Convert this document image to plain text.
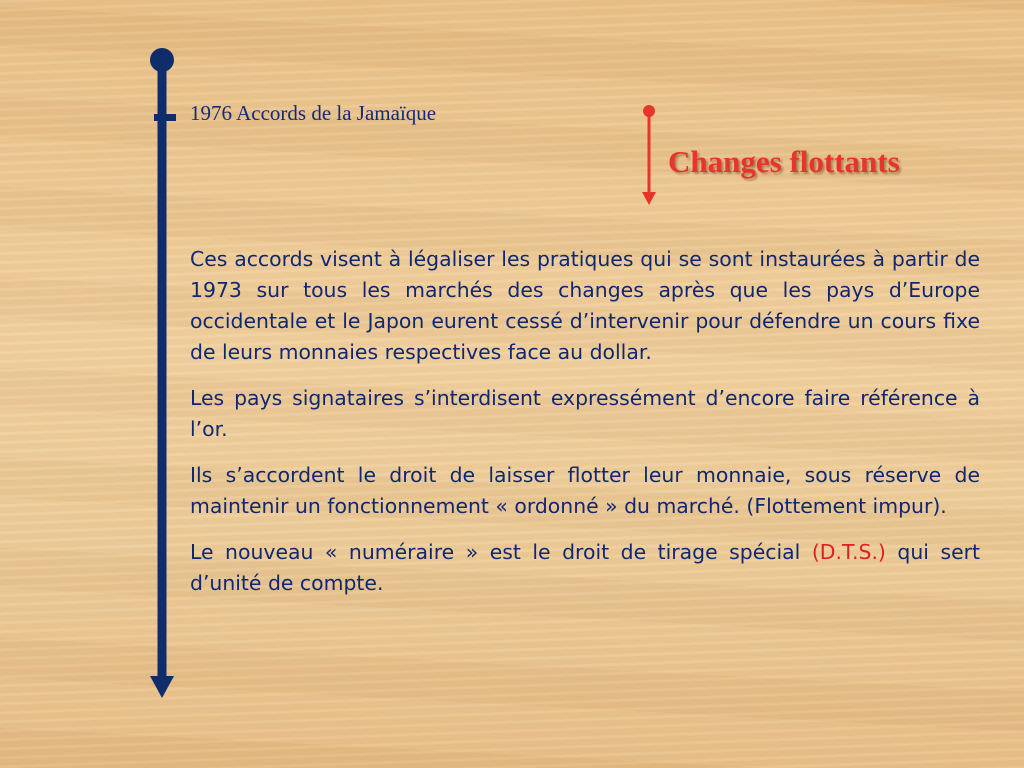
1976 Accords de la Jamaïque
Changes flottants

Ces accords visent à légaliser les pratiques qui se sont instaurées à partir de 1973 sur tous les marchés des changes après que les pays d’Europe occidentale et le Japon eurent cessé d’intervenir pour défendre un cours fixe de leurs monnaies respectives face au dollar.

Les pays signataires s’interdisent expressément d’encore faire référence à l’or.

Ils s’accordent le droit de laisser flotter leur monnaie, sous réserve de maintenir un fonctionnement « ordonné » du marché. (Flottement impur).

Le nouveau « numéraire » est le droit de tirage spécial (D.T.S.) qui sert d’unité de compte.
